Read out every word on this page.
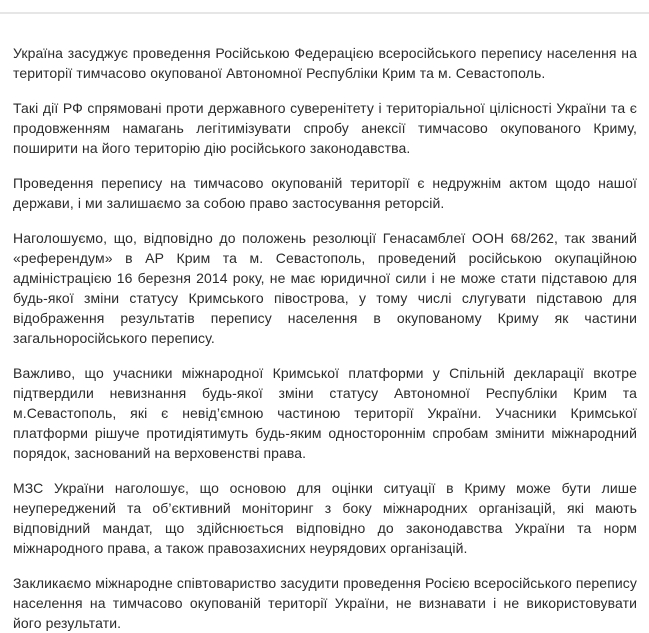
Україна засуджує проведення Російською Федерацією всеросійського перепису населення на території тимчасово окупованої Автономної Республіки Крим та м. Севастополь.

Такі дії РФ спрямовані проти державного суверенітету і територіальної цілісності України та є продовженням намагань легітимізувати спробу анексії тимчасово окупованого Криму, поширити на його територію дію російського законодавства.

Проведення перепису на тимчасово окупованій території є недружнім актом щодо нашої держави, і ми залишаємо за собою право застосування реторсій.

Наголошуємо, що, відповідно до положень резолюції Генасамблеї ООН 68/262, так званий «референдум» в АР Крим та м. Севастополь, проведений російською окупаційною адміністрацією 16 березня 2014 року, не має юридичної сили і не може стати підставою для будь-якої зміни статусу Кримського півострова, у тому числі слугувати підставою для відображення результатів перепису населення в окупованому Криму як частини загальноросійського перепису.

Важливо, що учасники міжнародної Кримської платформи у Спільній декларації вкотре підтвердили невизнання будь-якої зміни статусу Автономної Республіки Крим та м.Севастополь, які є невід’ємною частиною території України. Учасники Кримської платформи рішуче протидіятимуть будь-яким одностороннім спробам змінити міжнародний порядок, заснований на верховенстві права.

МЗС України наголошує, що основою для оцінки ситуації в Криму може бути лише неупереджений та об’єктивний моніторинг з боку міжнародних організацій, які мають відповідний мандат, що здійснюється відповідно до законодавства України та норм міжнародного права, а також правозахисних неурядових організацій.

Закликаємо міжнародне співтовариство засудити проведення Росією всеросійського перепису населення на тимчасово окупованій території України, не визнавати і не використовувати його результати.
